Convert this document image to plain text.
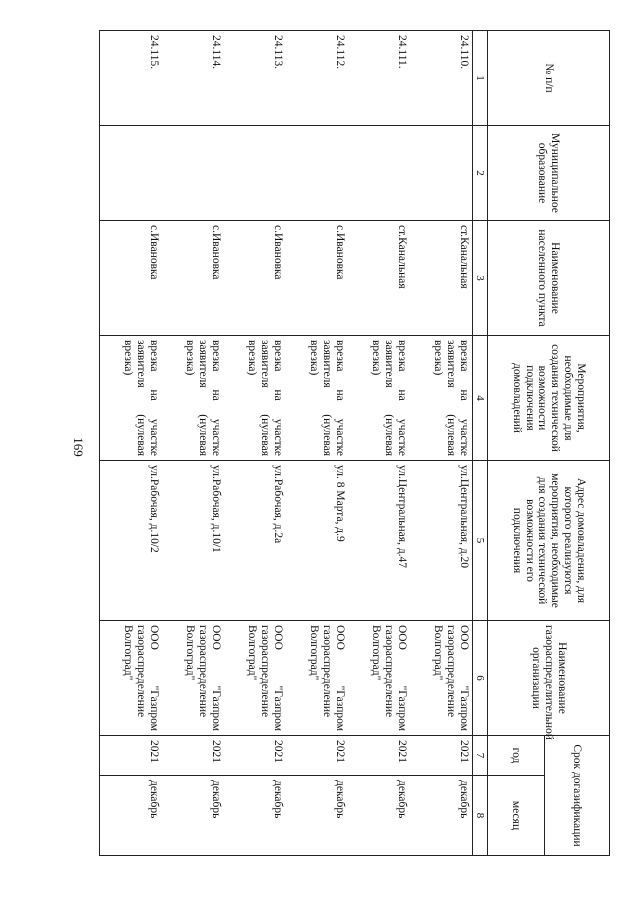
169
№ п/п	Муниципальное образование	Наименование населенного пункта	Мероприятия, необходимые для создания технической возможности подключения домовладений	Адрес домовладения, для которого реализуются мероприятия, необходимые для создания технической возможности его подключения	Наименование газораспределительной организации	Срок догазификации	
						год	месяц
1	2	3	4	5	6	7	8
24.110.		ст.Канальная	врезка на участке заявителя (нулевая врезка)	ул.Центральная, д.20	ООО "Газпром газораспределение Волгоград"	2021	декабрь
24.111.		ст.Канальная	врезка на участке заявителя (нулевая врезка)	ул.Центральная, д.47	ООО "Газпром газораспределение Волгоград"	2021	декабрь
24.112.		с.Ивановка	врезка на участке заявителя (нулевая врезка)	ул. 8 Марта, д.9	ООО "Газпром газораспределение Волгоград"	2021	декабрь
24.113.		с.Ивановка	врезка на участке заявителя (нулевая врезка)	ул.Рабочая, д.2а	ООО "Газпром газораспределение Волгоград"	2021	декабрь
24.114.		с.Ивановка	врезка на участке заявителя (нулевая врезка)	ул.Рабочая, д.10/1	ООО "Газпром газораспределение Волгоград"	2021	декабрь
24.115.		с.Ивановка	врезка на участке заявителя (нулевая врезка)	ул.Рабочая, д.10/2	ООО "Газпром газораспределение Волгоград"	2021	декабрь
